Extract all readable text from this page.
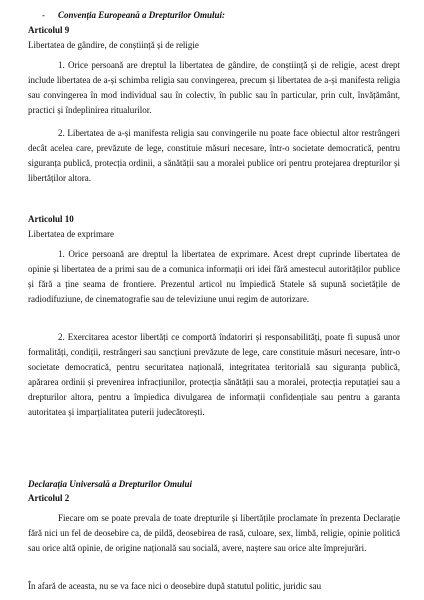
- Convenția Europeană a Drepturilor Omului:
Articolul 9
Libertatea de gândire, de conștiință și de religie

1. Orice persoană are dreptul la libertatea de gândire, de conștiință și de religie, acest drept include libertatea de a-și schimba religia sau convingerea, precum și libertatea de a-și manifesta religia sau convingerea în mod individual sau în colectiv, în public sau în particular, prin cult, învățământ, practici și îndeplinirea ritualurilor.

2. Libertatea de a-și manifesta religia sau convingerile nu poate face obiectul altor restrângeri decât acelea care, prevăzute de lege, constituie măsuri necesare, într-o societate democratică, pentru siguranța publică, protecția ordinii, a sănătății sau a moralei publice ori pentru protejarea drepturilor și libertăților altora.

Articolul 10
Libertatea de exprimare

1. Orice persoană are dreptul la libertatea de exprimare. Acest drept cuprinde libertatea de opinie și libertatea de a primi sau de a comunica informații ori idei fără amestecul autorităților publice și fără a ține seama de frontiere. Prezentul articol nu împiedică Statele să supună societățile de radiodifuziune, de cinematografie sau de televiziune unui regim de autorizare.

2. Exercitarea acestor libertăți ce comportă îndatoriri și responsabilități, poate fi supusă unor formalități, condiții, restrângeri sau sancțiuni prevăzute de lege, care constituie măsuri necesare, într-o societate democratică, pentru securitatea națională, integritatea teritorială sau siguranța publică, apărarea ordinii și prevenirea infracțiunilor, protecția sănătății sau a moralei, protecția reputației sau a drepturilor altora, pentru a împiedica divulgarea de informații confidențiale sau pentru a garanta autoritatea și imparțialitatea puterii judecătorești.

Declarația Universală a Drepturilor Omului
Articolul 2

Fiecare om se poate prevala de toate drepturile și libertățile proclamate în prezenta Declarație fără nici un fel de deosebire ca, de pildă, deosebirea de rasă, culoare, sex, limbă, religie, opinie politică sau orice altă opinie, de origine națională sau socială, avere, naștere sau orice alte împrejurări.

În afară de aceasta, nu se va face nici o deosebire după statutul politic, juridic sau
